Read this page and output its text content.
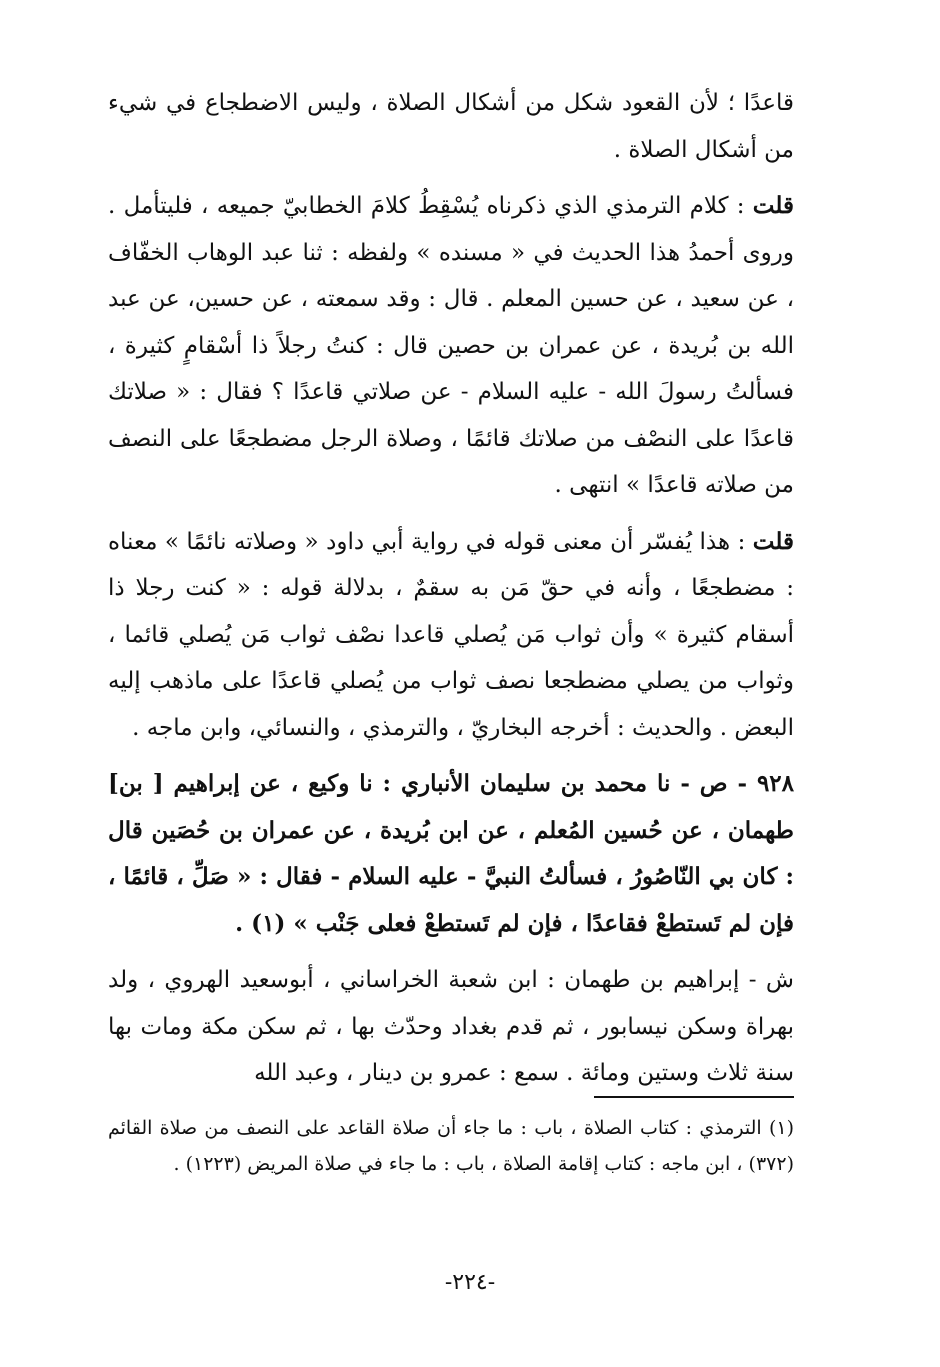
قاعدًا ؛ لأن القعود شكل من أشكال الصلاة ، وليس الاضطجاع في شيء من أشكال الصلاة .

قلت : كلام الترمذي الذي ذكرناه يُسْقِطُ كلامَ الخطابيّ جميعه ، فليتأمل . وروى أحمدُ هذا الحديث في « مسنده » ولفظه : ثنا عبد الوهاب الخفّاف ، عن سعيد ، عن حسين المعلم . قال : وقد سمعته ، عن حسين، عن عبد الله بن بُريدة ، عن عمران بن حصين قال : كنتُ رجلاً ذا أسْقامٍ كثيرة ، فسألتُ رسولَ الله - عليه السلام - عن صلاتي قاعدًا ؟ فقال : « صلاتك قاعدًا على النصْف من صلاتك قائمًا ، وصلاة الرجل مضطجعًا على النصف من صلاته قاعدًا » انتهى .

قلت : هذا يُفسّر أن معنى قوله في رواية أبي داود « وصلاته نائمًا » معناه : مضطجعًا ، وأنه في حقّ مَن به سقمٌ ، بدلالة قوله : « كنت رجلا ذا أسقام كثيرة » وأن ثواب مَن يُصلي قاعدا نصْف ثواب مَن يُصلي قائما ، وثواب من يصلي مضطجعا نصف ثواب من يُصلي قاعدًا على ماذهب إليه البعض . والحديث : أخرجه البخاريّ ، والترمذي ، والنسائي، وابن ماجه .

٩٢٨ - ص - نا محمد بن سليمان الأنباري : نا وكيع ، عن إبراهيم [ بن] طهمان ، عن حُسين المُعلم ، عن ابن بُريدة ، عن عمران بن حُصَين قال : كان بي النّاصُورُ ، فسألتُ النبيَّ - عليه السلام - فقال : « صَلِّ ، قائمًا ، فإن لم تَستطعْ فقاعدًا ، فإن لم تَستطعْ فعلى جَنْب » (١) .

ش - إبراهيم بن طهمان : ابن شعبة الخراساني ، أبوسعيد الهروي ، ولد بهراة وسكن نيسابور ، ثم قدم بغداد وحدّث بها ، ثم سكن مكة ومات بها سنة ثلاث وستين ومائة . سمع : عمرو بن دينار ، وعبد الله

(١) الترمذي : كتاب الصلاة ، باب : ما جاء أن صلاة القاعد على النصف من صلاة القائم (٣٧٢) ، ابن ماجه : كتاب إقامة الصلاة ، باب : ما جاء في صلاة المريض (١٢٢٣) .

-٢٢٤-
